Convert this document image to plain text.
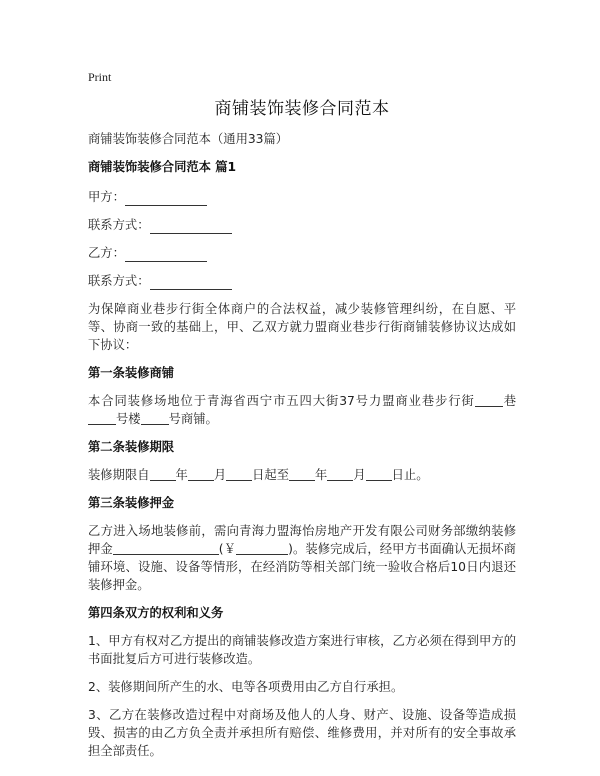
Print
商铺装饰装修合同范本
商铺装饰装修合同范本（通用33篇）
商铺装饰装修合同范本 篇1
甲方：
联系方式：
乙方：
联系方式：
为保障商业巷步行街全体商户的合法权益，减少装修管理纠纷，在自愿、平等、协商一致的基础上，甲、乙双方就力盟商业巷步行街商铺装修协议达成如下协议：
第一条装修商铺
本合同装修场地位于青海省西宁市五四大街37号力盟商业巷步行街 巷号楼 号商铺。
第二条装修期限
装修期限自 年 月 日起至 年 月 日止。
第三条装修押金
乙方进入场地装修前，需向青海力盟海怡房地产开发有限公司财务部缴纳装修押金	(￥	)。装修完成后，经甲方书面确认无损坏商铺环境、设施、设备等情形，在经消防等相关部门统一验收合格后10日内退还装修押金。
第四条双方的权利和义务
1、甲方有权对乙方提出的商铺装修改造方案进行审核，乙方必须在得到甲方的书面批复后方可进行装修改造。
2、装修期间所产生的水、电等各项费用由乙方自行承担。
3、乙方在装修改造过程中对商场及他人的人身、财产、设施、设备等造成损毁、损害的由乙方负全责并承担所有赔偿、维修费用，并对所有的安全事故承担全部责任。
